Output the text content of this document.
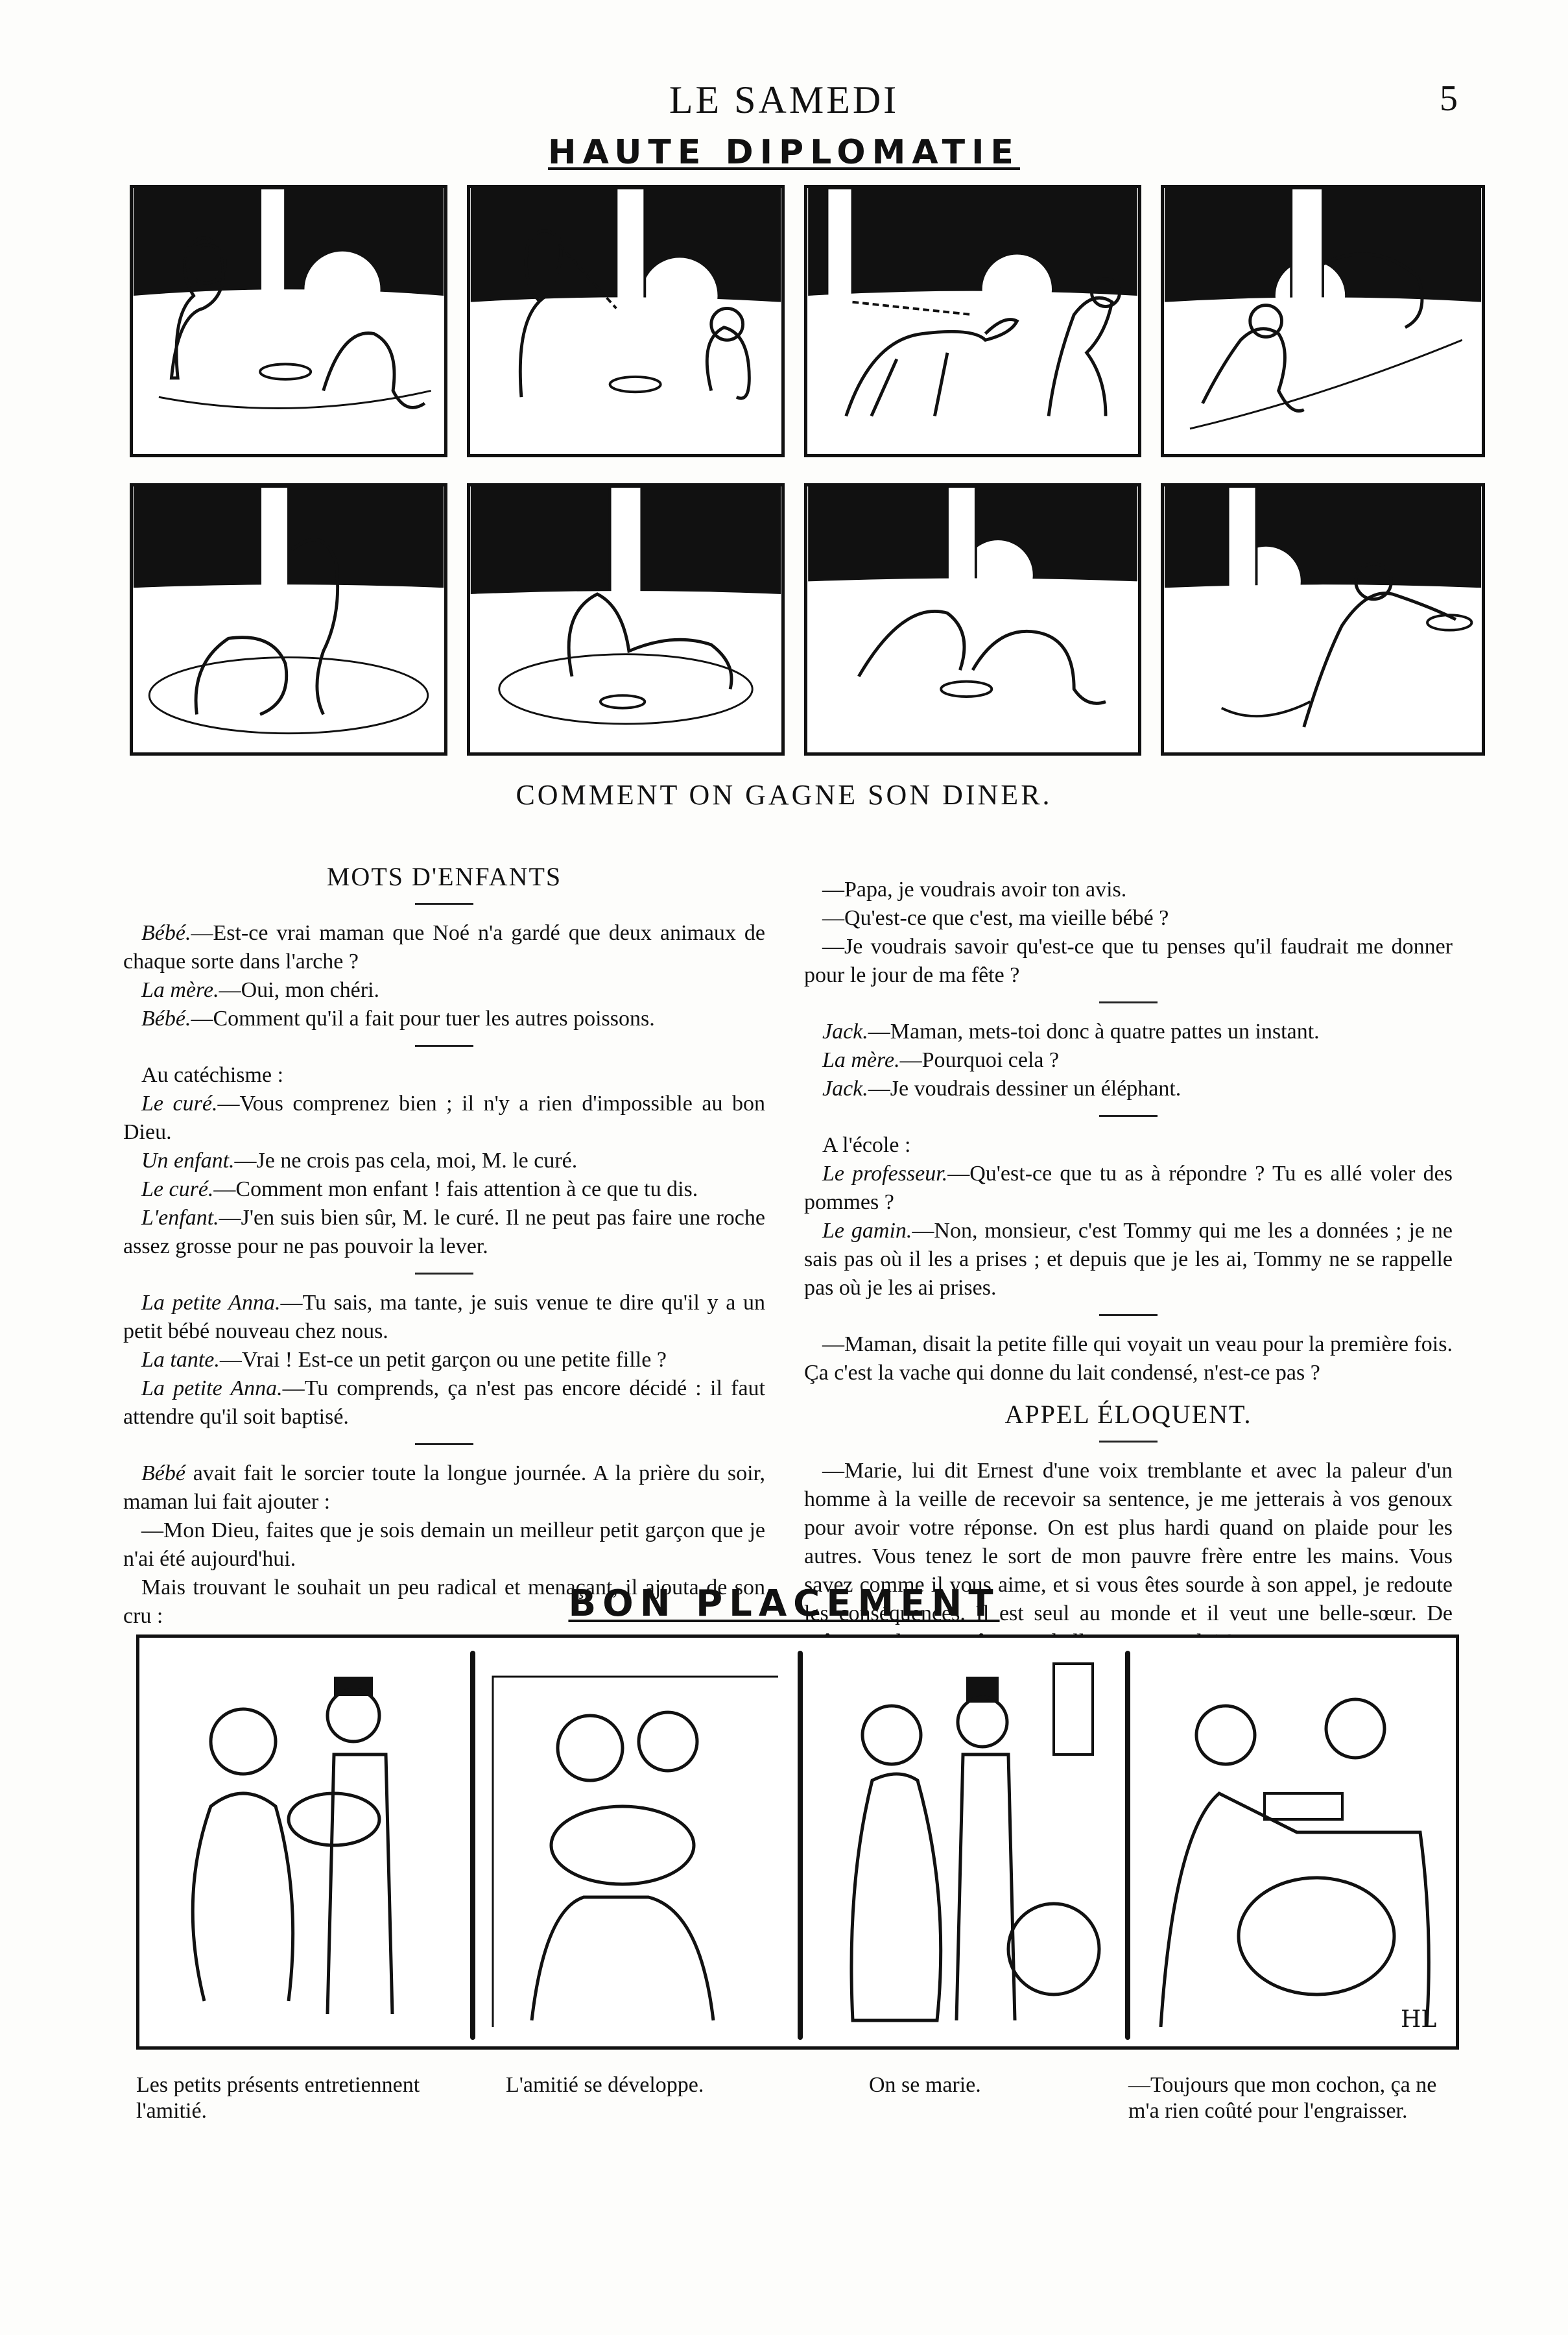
LE SAMEDI	5
HAUTE DIPLOMATIE
COMMENT ON GAGNE SON DINER.
MOTS D'ENFANTS

Bébé.—Est-ce vrai maman que Noé n'a gardé que deux animaux de chaque sorte dans l'arche ?

La mère.—Oui, mon chéri.

Bébé.—Comment qu'il a fait pour tuer les autres poissons.

Au catéchisme :

Le curé.—Vous comprenez bien ; il n'y a rien d'impossible au bon Dieu.

Un enfant.—Je ne crois pas cela, moi, M. le curé.

Le curé.—Comment mon enfant ! fais attention à ce que tu dis.

L'enfant.—J'en suis bien sûr, M. le curé. Il ne peut pas faire une roche assez grosse pour ne pas pouvoir la lever.

La petite Anna.—Tu sais, ma tante, je suis venue te dire qu'il y a un petit bébé nouveau chez nous.

La tante.—Vrai ! Est-ce un petit garçon ou une petite fille ?

La petite Anna.—Tu comprends, ça n'est pas encore décidé : il faut attendre qu'il soit baptisé.

Bébé avait fait le sorcier toute la longue journée. A la prière du soir, maman lui fait ajouter :

—Mon Dieu, faites que je sois demain un meilleur petit garçon que je n'ai été aujourd'hui.

Mais trouvant le souhait un peu radical et menaçant, il ajouta de son cru :

—Papa, je voudrais avoir ton avis.

—Qu'est-ce que c'est, ma vieille bébé ?

—Je voudrais savoir qu'est-ce que tu penses qu'il faudrait me donner pour le jour de ma fête ?

Jack.—Maman, mets-toi donc à quatre pattes un instant.

La mère.—Pourquoi cela ?

Jack.—Je voudrais dessiner un éléphant.

A l'école :

Le professeur.—Qu'est-ce que tu as à répondre ? Tu es allé voler des pommes ?

Le gamin.—Non, monsieur, c'est Tommy qui me les a données ; je ne sais pas où il les a prises ; et depuis que je les ai, Tommy ne se rappelle pas où je les ai prises.

—Maman, disait la petite fille qui voyait un veau pour la première fois. Ça c'est la vache qui donne du lait condensé, n'est-ce pas ?

APPEL ÉLOQUENT.

—Marie, lui dit Ernest d'une voix tremblante et avec la paleur d'un homme à la veille de recevoir sa sentence, je me jetterais à vos genoux pour avoir votre réponse. On est plus hardi quand on plaide pour les autres. Vous tenez le sort de mon pauvre frère entre les mains. Vous savez comme il vous aime, et si vous êtes sourde à son appel, je redoute les conséquences. Il est seul au monde et il veut une belle-sœur. De

BON PLACEMENT
HL
Les petits présents entretiennent l'amitié.
L'amitié se développe.	On se marie.	—Toujours que mon cochon, ça ne m'a rien coûté pour l'engraisser.
